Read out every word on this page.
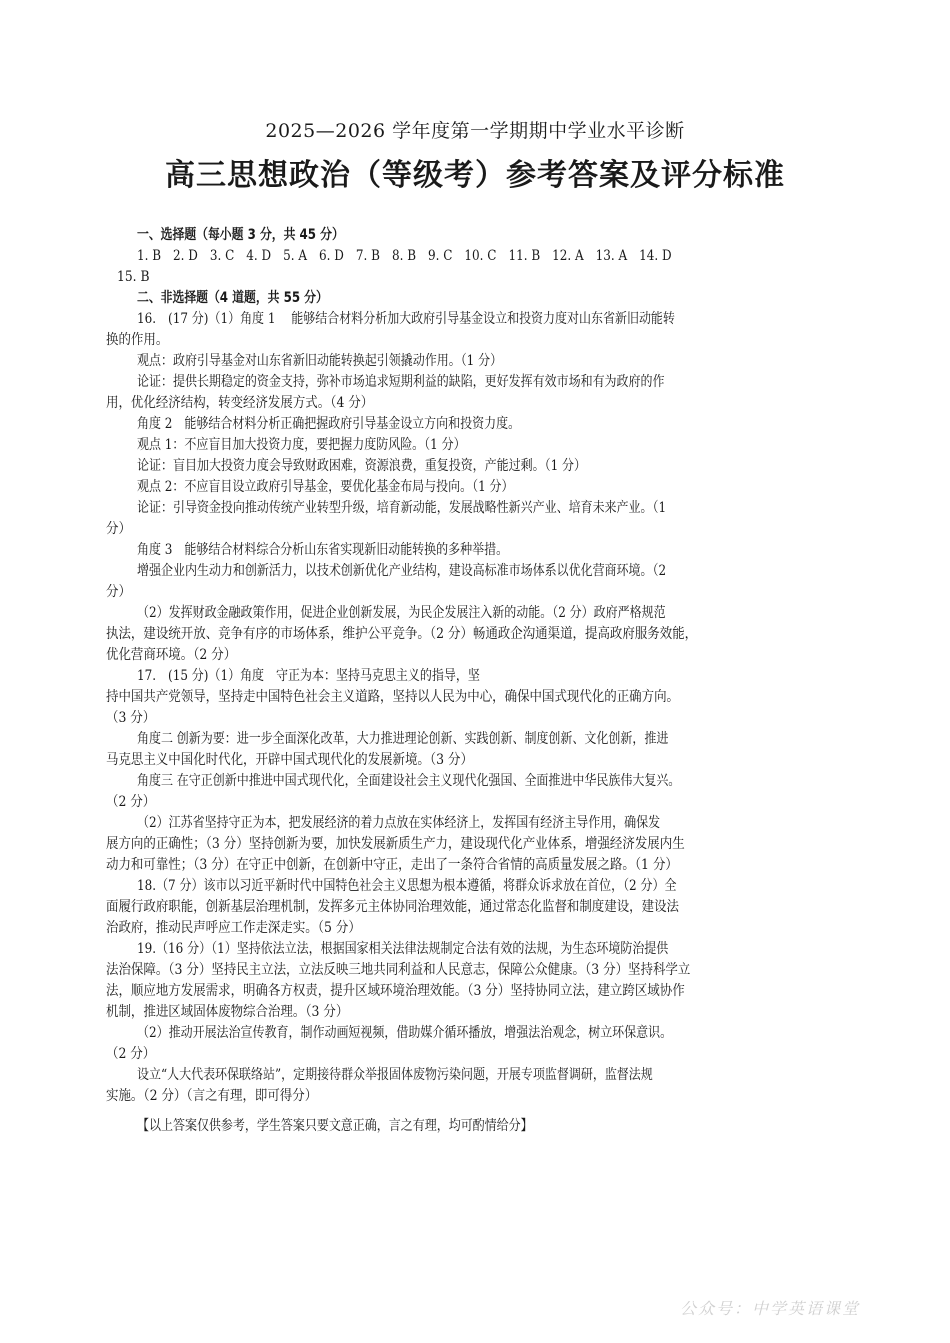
2025—2026 学年度第一学期期中学业水平诊断
高三思想政治（等级考）参考答案及评分标准
一、选择题（每小题 3 分，共 45 分）
1. B　2. D　3. C　4. D　5. A　6. D　7. B　8. B　9. C　10. C　11. B　12. A　13. A　14. D
15. B
二、非选择题（4 道题，共 55 分）
16.　(17 分)（1）角度 1　 能够结合材料分析加大政府引导基金设立和投资力度对山东省新旧动能转
换的作用。
观点：政府引导基金对山东省新旧动能转换起引领撬动作用。（1 分）
论证：提供长期稳定的资金支持，弥补市场追求短期利益的缺陷，更好发挥有效市场和有为政府的作
用，优化经济结构，转变经济发展方式。（4 分）
角度 2　能够结合材料分析正确把握政府引导基金设立方向和投资力度。
观点 1：不应盲目加大投资力度，要把握力度防风险。（1 分）
论证：盲目加大投资力度会导致财政困难，资源浪费，重复投资，产能过剩。（1 分）
观点 2：不应盲目设立政府引导基金，要优化基金布局与投向。（1 分）
论证：引导资金投向推动传统产业转型升级，培育新动能，发展战略性新兴产业、培育未来产业。（1
分）
角度 3　能够结合材料综合分析山东省实现新旧动能转换的多种举措。
增强企业内生动力和创新活力，以技术创新优化产业结构，建设高标准市场体系以优化营商环境。（2
分）
（2）发挥财政金融政策作用，促进企业创新发展，为民企发展注入新的动能。（2 分）政府严格规范
执法，建设统开放、竞争有序的市场体系，维护公平竞争。（2 分）畅通政企沟通渠道，提高政府服务效能，
优化营商环境。（2 分）
17.　(15 分)（1）角度　守正为本：坚持马克思主义的指导，坚
持中国共产党领导，坚持走中国特色社会主义道路，坚持以人民为中心，确保中国式现代化的正确方向。
（3 分）
角度二 创新为要：进一步全面深化改革，大力推进理论创新、实践创新、制度创新、文化创新，推进
马克思主义中国化时代化，开辟中国式现代化的发展新境。（3 分）
角度三 在守正创新中推进中国式现代化，全面建设社会主义现代化强国、全面推进中华民族伟大复兴。
（2 分）
（2）江苏省坚持守正为本，把发展经济的着力点放在实体经济上，发挥国有经济主导作用，确保发
展方向的正确性；（3 分）坚持创新为要，加快发展新质生产力，建设现代化产业体系，增强经济发展内生
动力和可靠性；（3 分）在守正中创新，在创新中守正，走出了一条符合省情的高质量发展之路。（1 分）
18.（7 分）该市以习近平新时代中国特色社会主义思想为根本遵循，将群众诉求放在首位，（2 分）全
面履行政府职能，创新基层治理机制，发挥多元主体协同治理效能，通过常态化监督和制度建设，建设法
治政府，推动民声呼应工作走深走实。（5 分）
19.（16 分）（1）坚持依法立法，根据国家相关法律法规制定合法有效的法规，为生态环境防治提供
法治保障。（3 分）坚持民主立法，立法反映三地共同利益和人民意志，保障公众健康。（3 分）坚持科学立
法，顺应地方发展需求，明确各方权责，提升区域环境治理效能。（3 分）坚持协同立法，建立跨区域协作
机制，推进区域固体废物综合治理。（3 分）
（2）推动开展法治宣传教育，制作动画短视频，借助媒介循环播放，增强法治观念，树立环保意识。
（2 分）
设立“人大代表环保联络站”，定期接待群众举报固体废物污染问题，开展专项监督调研，监督法规
实施。（2 分）（言之有理，即可得分）
【以上答案仅供参考，学生答案只要文意正确，言之有理，均可酌情给分】
公众号：中学英语课堂
